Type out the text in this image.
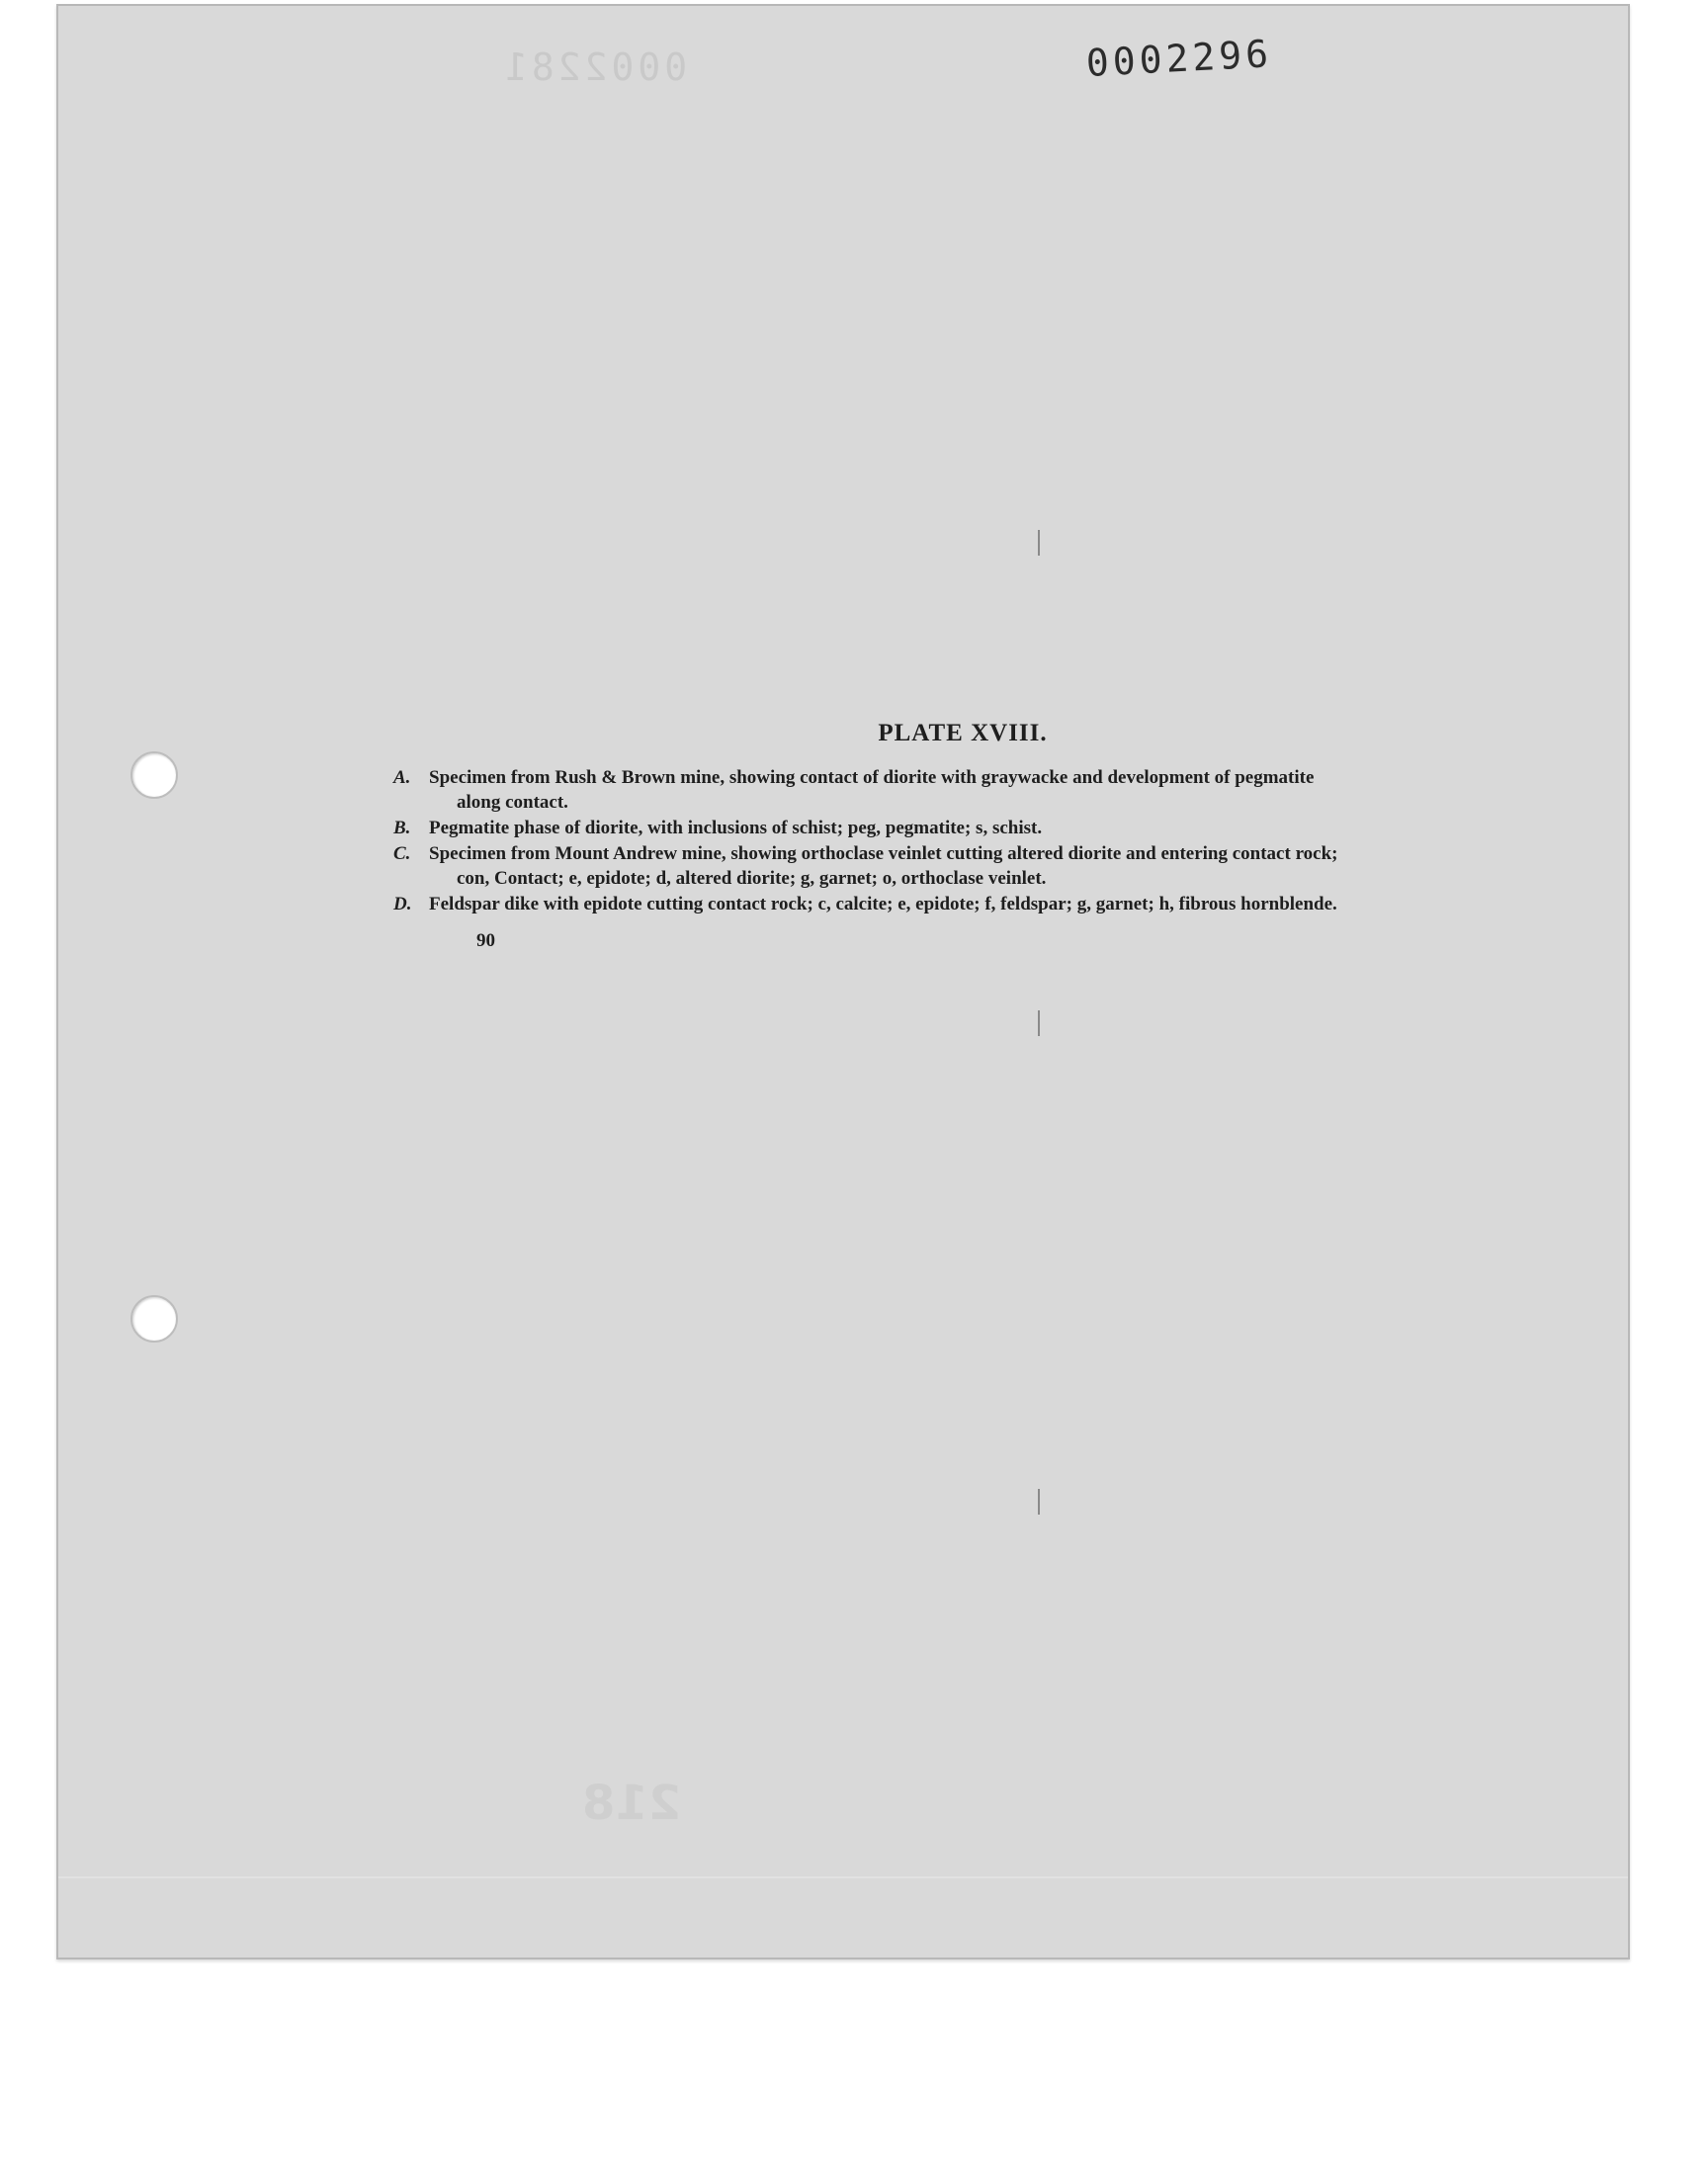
0002281	0002296
218
PLATE XVIII.
A. Specimen from Rush & Brown mine, showing contact of diorite with graywacke and development of pegmatite
along contact.
B. Pegmatite phase of diorite, with inclusions of schist; peg, pegmatite; s, schist.
C. Specimen from Mount Andrew mine, showing orthoclase veinlet cutting altered diorite and entering contact rock;
con, Contact; e, epidote; d, altered diorite; g, garnet; o, orthoclase veinlet.
D. Feldspar dike with epidote cutting contact rock; c, calcite; e, epidote; f, feldspar; g, garnet; h, fibrous hornblende.
90
